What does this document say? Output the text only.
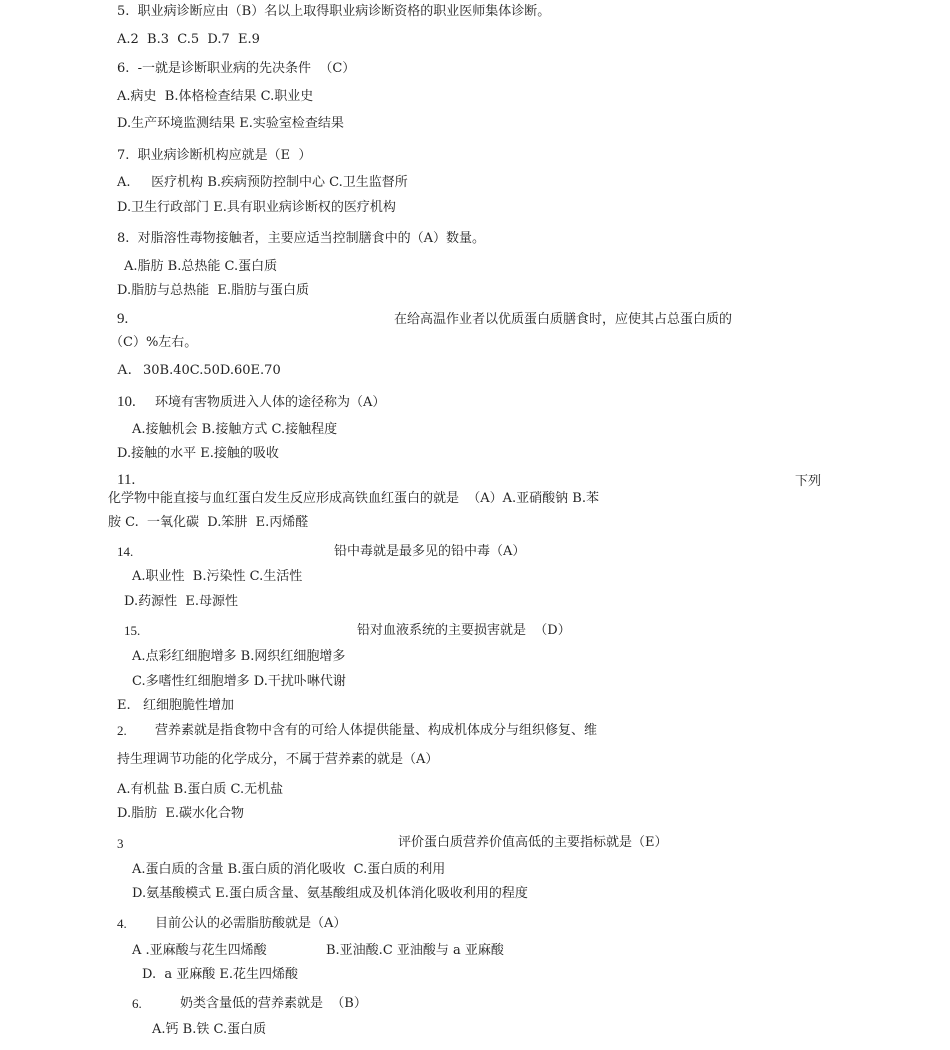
5.  职业病诊断应由（B）名以上取得职业病诊断资格的职业医师集体诊断。
A.2  B.3  C.5  D.7  E.9
6.  -一就是诊断职业病的先决条件  （C）
A.病史  B.体格检查结果 C.职业史
D.生产环境监测结果 E.实验室检查结果
7.  职业病诊断机构应就是（E  ）
A.     医疗机构 B.疾病预防控制中心 C.卫生监督所
D.卫生行政部门 E.具有职业病诊断权的医疗机构
8.  对脂溶性毒物接触者，主要应适当控制膳食中的（A）数量。
A.脂肪 B.总热能 C.蛋白质
D.脂肪与总热能  E.脂肪与蛋白质
9.	在给高温作业者以优质蛋白质膳食时，应使其占总蛋白质的
（C）%左右。
A. 30B.40C.50D.60E.70
10. 环境有害物质进入人体的途径称为（A）
A.接触机会 B.接触方式 C.接触程度
D.接触的水平 E.接触的吸收
11.	下列
化学物中能直接与血红蛋白发生反应形成高铁血红蛋白的就是  （A）A.亚硝酸钠 B.苯
胺 C.  一氧化碳  D.笨肼  E.丙烯醛
14.	铅中毒就是最多见的铅中毒（A）
A.职业性  B.污染性 C.生活性
D.药源性  E.母源性
15.	铅对血液系统的主要损害就是  （D）
A.点彩红细胞增多 B.网织红细胞增多
C.多嗜性红细胞增多 D.干扰卟啉代谢
E.   红细胞脆性增加
2. 营养素就是指食物中含有的可给人体提供能量、构成机体成分与组织修复、维
持生理调节功能的化学成分，不属于营养素的就是（A）
A.有机盐 B.蛋白质 C.无机盐
D.脂肪  E.碳水化合物
3	评价蛋白质营养价值高低的主要指标就是（E）
A.蛋白质的含量 B.蛋白质的消化吸收  C.蛋白质的利用
D.氨基酸模式 E.蛋白质含量、氨基酸组成及机体消化吸收利用的程度
4. 目前公认的必需脂肪酸就是（A）
A .亚麻酸与花生四烯酸	B.亚油酸.C 亚油酸与 a 亚麻酸
D.  a 亚麻酸 E.花生四烯酸
6.	奶类含量低的营养素就是  （B）
A.钙 B.铁 C.蛋白质
